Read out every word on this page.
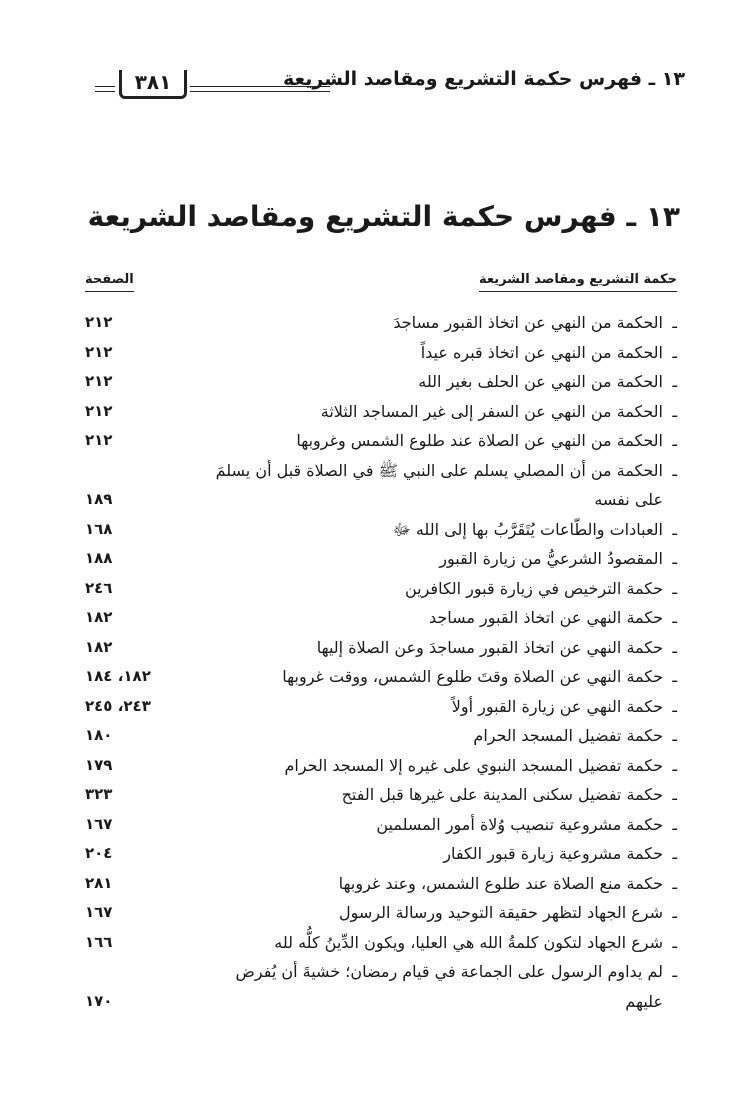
١٣ ـ فهرس حكمة التشريع ومقاصد الشريعة
٣٨١
١٣ ـ فهرس حكمة التشريع ومقاصد الشريعة
حكمة التشريع ومقاصد الشريعة
الصفحة
ـ
الحكمة من النهي عن اتخاذ القبور مساجدَ
٢١٢
ـ
الحكمة من النهي عن اتخاذ قبره عيداً
٢١٢
ـ
الحكمة من النهي عن الحلف بغير الله
٢١٢
ـ
الحكمة من النهي عن السفر إلى غير المساجد الثلاثة
٢١٢
ـ
الحكمة من النهي عن الصلاة عند طلوع الشمس وغروبها
٢١٢
ـ
الحكمة من أن المصلي يسلم على النبي ﷺ في الصلاة قبل أن يسلمَ على نفسه
١٨٩
ـ
العبادات والطّاعات يُتَقَرَّبُ بها إلى الله ﷻ
١٦٨
ـ
المقصودُ الشرعيُّ من زيارة القبور
١٨٨
ـ
حكمة الترخيص في زيارة قبور الكافرين
٢٤٦
ـ
حكمة النهي عن اتخاذ القبور مساجد
١٨٢
ـ
حكمة النهي عن اتخاذ القبور مساجدَ وعن الصلاة إليها
١٨٢
ـ
حكمة النهي عن الصلاة وقتَ طلوع الشمس، ووقت غروبها
١٨٢، ١٨٤
ـ
حكمة النهي عن زيارة القبور أولاً
٢٤٣، ٢٤٥
ـ
حكمة تفضيل المسجد الحرام
١٨٠
ـ
حكمة تفضيل المسجد النبوي على غيره إلا المسجد الحرام
١٧٩
ـ
حكمة تفضيل سكنى المدينة على غيرها قبل الفتح
٣٢٣
ـ
حكمة مشروعية تنصيب وُلاة أمور المسلمين
١٦٧
ـ
حكمة مشروعية زيارة قبور الكفار
٢٠٤
ـ
حكمة منع الصلاة عند طلوع الشمس، وعند غروبها
٢٨١
ـ
شرع الجهاد لتظهر حقيقة التوحيد ورسالة الرسول
١٦٧
ـ
شرع الجهاد لتكون كلمةُ الله هي العليا، ويكون الدِّينُ كلُّه لله
١٦٦
ـ
لم يداوم الرسول على الجماعة في قيام رمضان؛ خشيةَ أن يُفرض عليهم
١٧٠
